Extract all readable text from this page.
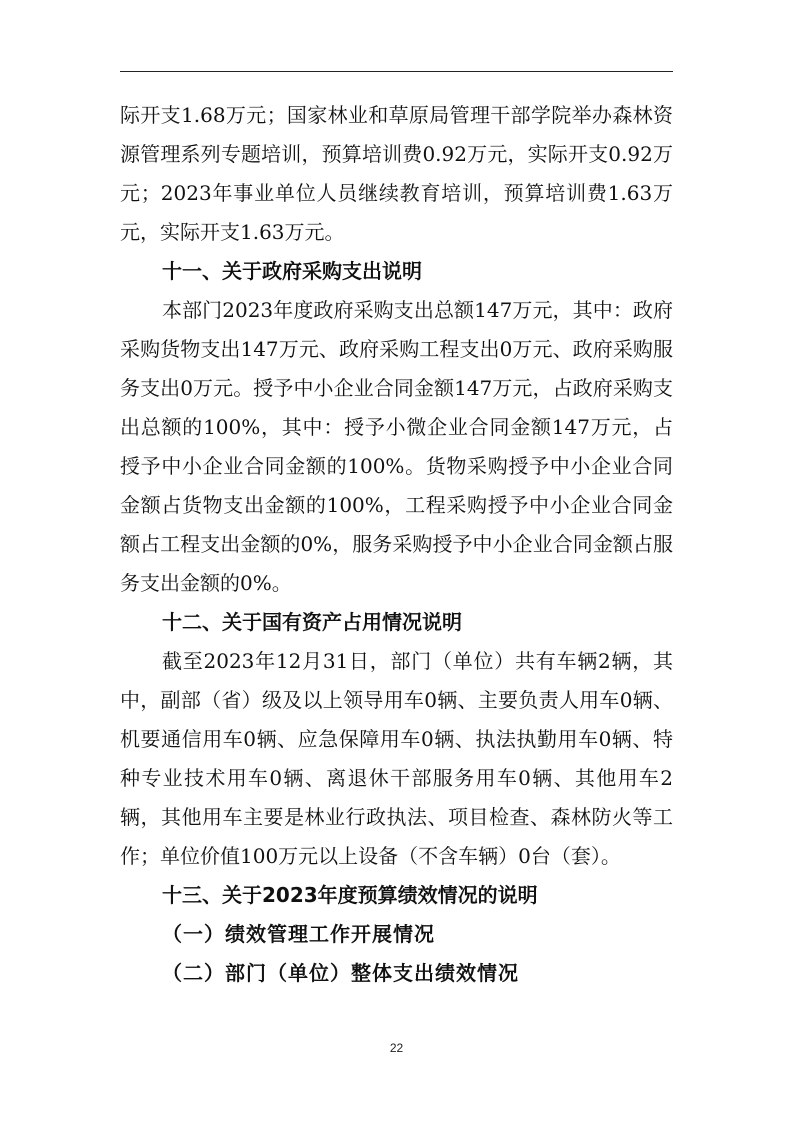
际开支1.68万元；国家林业和草原局管理干部学院举办森林资源管理系列专题培训，预算培训费0.92万元，实际开支0.92万元；2023年事业单位人员继续教育培训，预算培训费1.63万元，实际开支1.63万元。

十一、关于政府采购支出说明

本部门2023年度政府采购支出总额147万元，其中：政府采购货物支出147万元、政府采购工程支出0万元、政府采购服务支出0万元。授予中小企业合同金额147万元，占政府采购支出总额的100%，其中：授予小微企业合同金额147万元，占授予中小企业合同金额的100%。货物采购授予中小企业合同金额占货物支出金额的100%，工程采购授予中小企业合同金额占工程支出金额的0%，服务采购授予中小企业合同金额占服务支出金额的0%。

十二、关于国有资产占用情况说明

截至2023年12月31日，部门（单位）共有车辆2辆，其中，副部（省）级及以上领导用车0辆、主要负责人用车0辆、机要通信用车0辆、应急保障用车0辆、执法执勤用车0辆、特种专业技术用车0辆、离退休干部服务用车0辆、其他用车2辆，其他用车主要是林业行政执法、项目检查、森林防火等工作；单位价值100万元以上设备（不含车辆）0台（套）。

十三、关于2023年度预算绩效情况的说明

（一）绩效管理工作开展情况

（二）部门（单位）整体支出绩效情况

22
